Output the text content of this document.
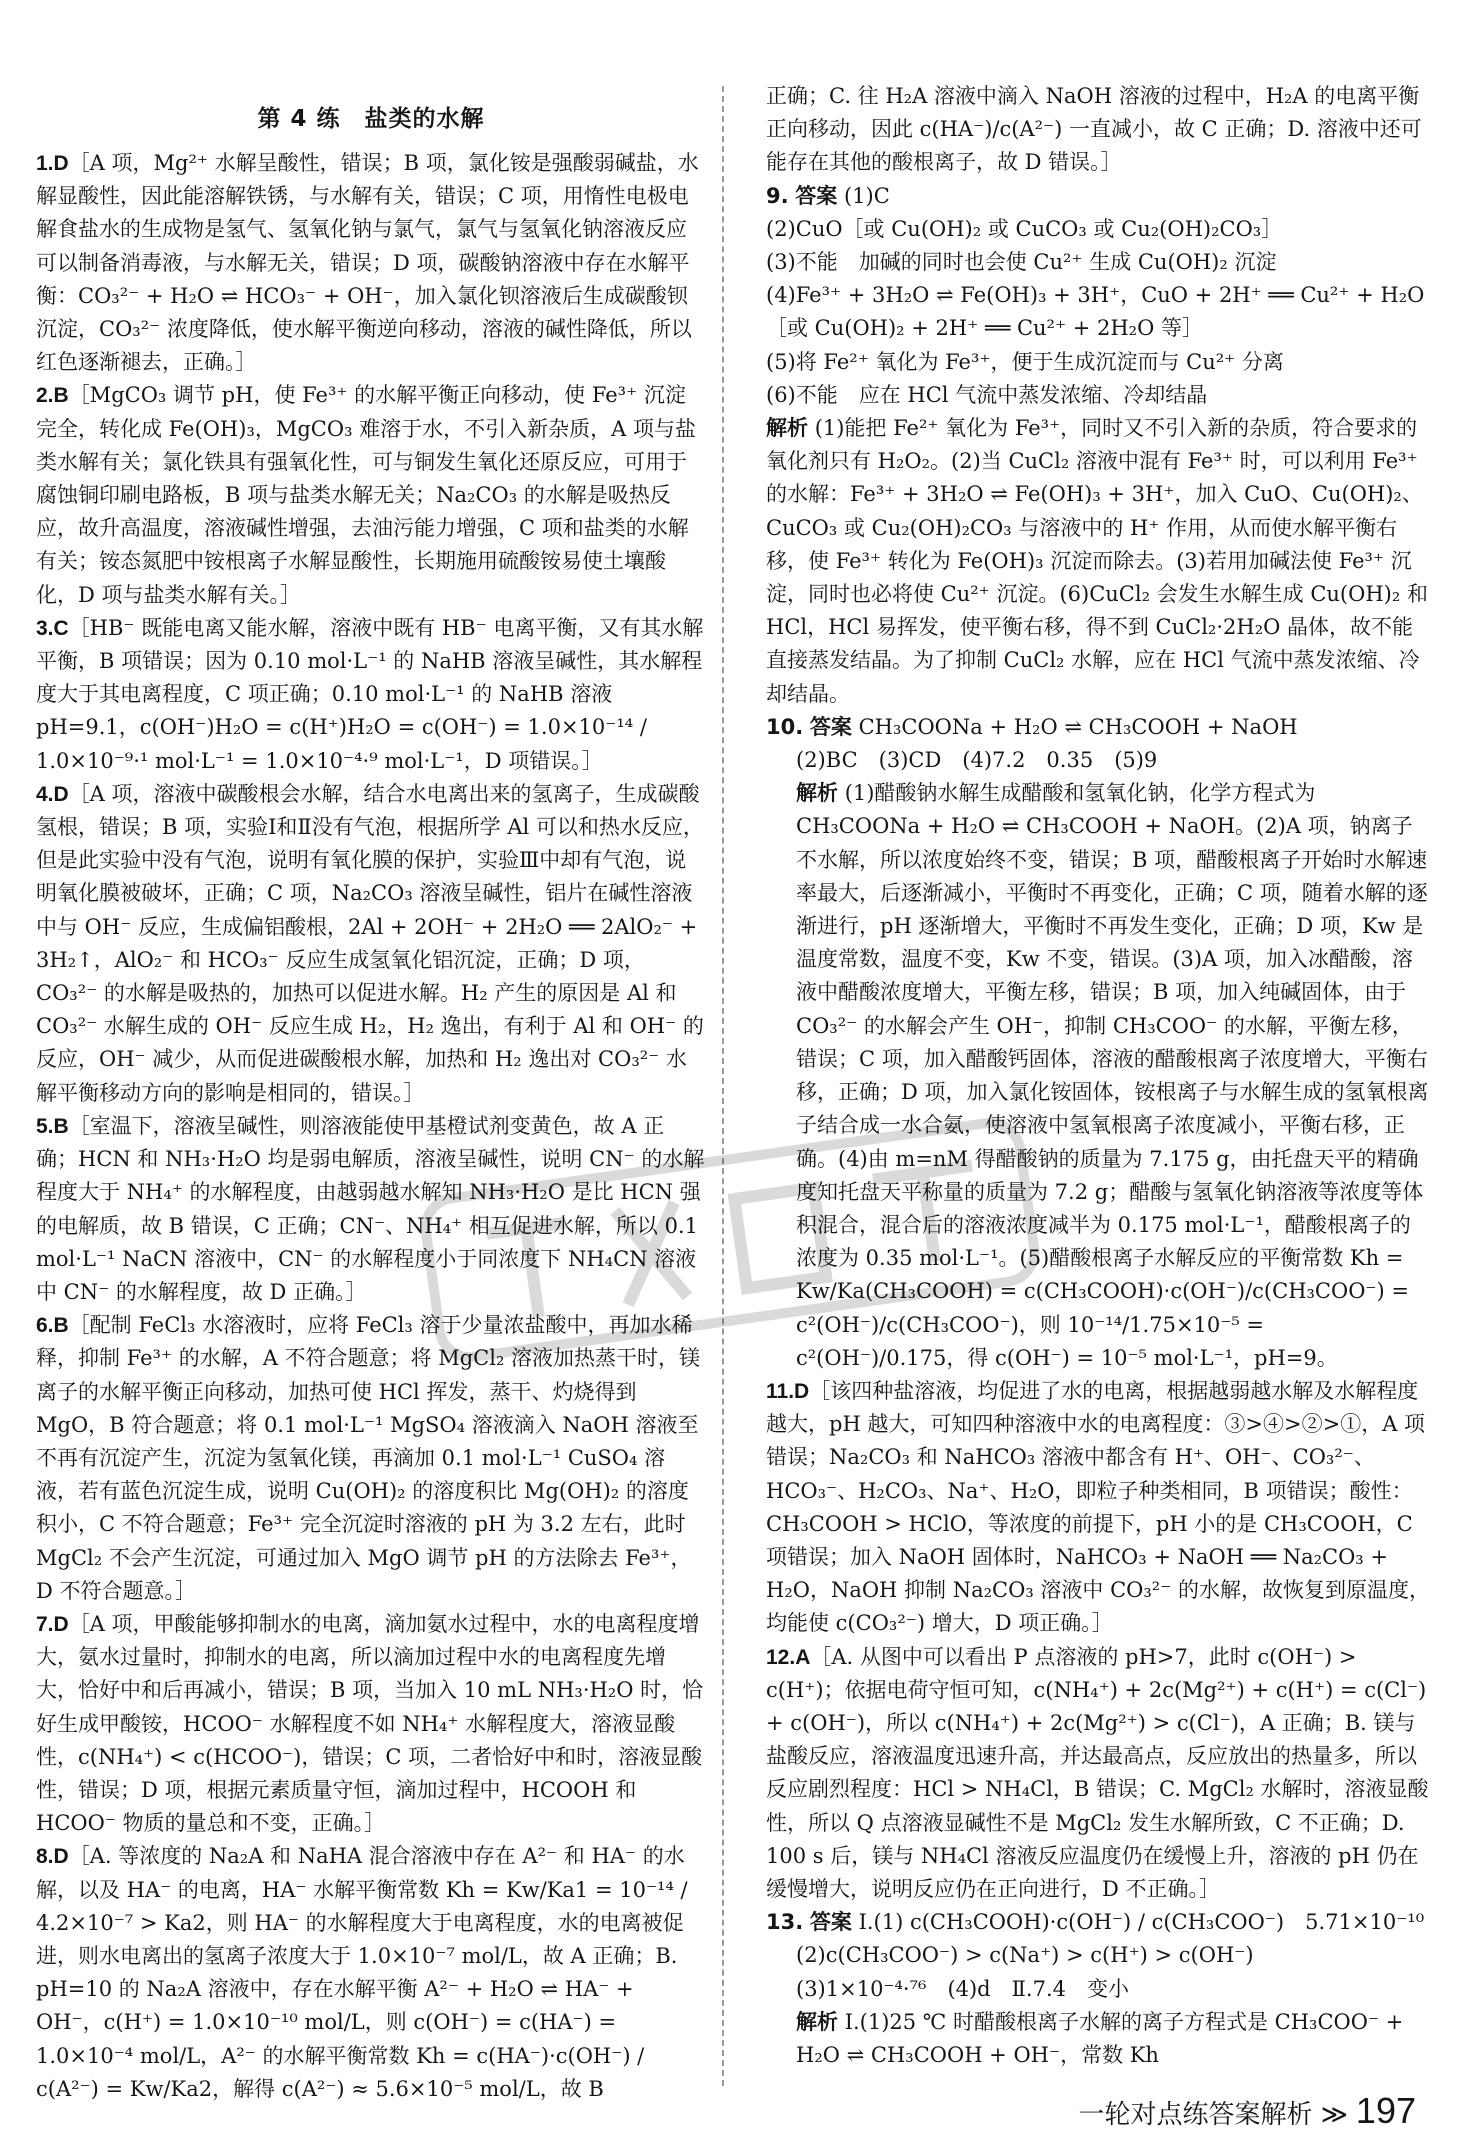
第 4 练　盐类的水解

1.D［A 项，Mg²⁺ 水解呈酸性，错误；B 项，氯化铵是强酸弱碱盐，水解显酸性，因此能溶解铁锈，与水解有关，错误；C 项，用惰性电极电解食盐水的生成物是氢气、氢氧化钠与氯气，氯气与氢氧化钠溶液反应可以制备消毒液，与水解无关，错误；D 项，碳酸钠溶液中存在水解平衡：CO₃²⁻ + H₂O ⇌ HCO₃⁻ + OH⁻，加入氯化钡溶液后生成碳酸钡沉淀，CO₃²⁻ 浓度降低，使水解平衡逆向移动，溶液的碱性降低，所以红色逐渐褪去，正确。］

2.B［MgCO₃ 调节 pH，使 Fe³⁺ 的水解平衡正向移动，使 Fe³⁺ 沉淀完全，转化成 Fe(OH)₃，MgCO₃ 难溶于水，不引入新杂质，A 项与盐类水解有关；氯化铁具有强氧化性，可与铜发生氧化还原反应，可用于腐蚀铜印刷电路板，B 项与盐类水解无关；Na₂CO₃ 的水解是吸热反应，故升高温度，溶液碱性增强，去油污能力增强，C 项和盐类的水解有关；铵态氮肥中铵根离子水解显酸性，长期施用硫酸铵易使土壤酸化，D 项与盐类水解有关。］

3.C［HB⁻ 既能电离又能水解，溶液中既有 HB⁻ 电离平衡，又有其水解平衡，B 项错误；因为 0.10 mol·L⁻¹ 的 NaHB 溶液呈碱性，其水解程度大于其电离程度，C 项正确；0.10 mol·L⁻¹ 的 NaHB 溶液 pH=9.1，c(OH⁻)H₂O = c(H⁺)H₂O = c(OH⁻) = 1.0×10⁻¹⁴ / 1.0×10⁻⁹·¹ mol·L⁻¹ = 1.0×10⁻⁴·⁹ mol·L⁻¹，D 项错误。］

4.D［A 项，溶液中碳酸根会水解，结合水电离出来的氢离子，生成碳酸氢根，错误；B 项，实验Ⅰ和Ⅱ没有气泡，根据所学 Al 可以和热水反应，但是此实验中没有气泡，说明有氧化膜的保护，实验Ⅲ中却有气泡，说明氧化膜被破坏，正确；C 项，Na₂CO₃ 溶液呈碱性，铝片在碱性溶液中与 OH⁻ 反应，生成偏铝酸根，2Al + 2OH⁻ + 2H₂O ══ 2AlO₂⁻ + 3H₂↑，AlO₂⁻ 和 HCO₃⁻ 反应生成氢氧化铝沉淀，正确；D 项，CO₃²⁻ 的水解是吸热的，加热可以促进水解。H₂ 产生的原因是 Al 和 CO₃²⁻ 水解生成的 OH⁻ 反应生成 H₂，H₂ 逸出，有利于 Al 和 OH⁻ 的反应，OH⁻ 减少，从而促进碳酸根水解，加热和 H₂ 逸出对 CO₃²⁻ 水解平衡移动方向的影响是相同的，错误。］

5.B［室温下，溶液呈碱性，则溶液能使甲基橙试剂变黄色，故 A 正确；HCN 和 NH₃·H₂O 均是弱电解质，溶液呈碱性，说明 CN⁻ 的水解程度大于 NH₄⁺ 的水解程度，由越弱越水解知 NH₃·H₂O 是比 HCN 强的电解质，故 B 错误，C 正确；CN⁻、NH₄⁺ 相互促进水解，所以 0.1 mol·L⁻¹ NaCN 溶液中，CN⁻ 的水解程度小于同浓度下 NH₄CN 溶液中 CN⁻ 的水解程度，故 D 正确。］

6.B［配制 FeCl₃ 水溶液时，应将 FeCl₃ 溶于少量浓盐酸中，再加水稀释，抑制 Fe³⁺ 的水解，A 不符合题意；将 MgCl₂ 溶液加热蒸干时，镁离子的水解平衡正向移动，加热可使 HCl 挥发，蒸干、灼烧得到 MgO，B 符合题意；将 0.1 mol·L⁻¹ MgSO₄ 溶液滴入 NaOH 溶液至不再有沉淀产生，沉淀为氢氧化镁，再滴加 0.1 mol·L⁻¹ CuSO₄ 溶液，若有蓝色沉淀生成，说明 Cu(OH)₂ 的溶度积比 Mg(OH)₂ 的溶度积小，C 不符合题意；Fe³⁺ 完全沉淀时溶液的 pH 为 3.2 左右，此时 MgCl₂ 不会产生沉淀，可通过加入 MgO 调节 pH 的方法除去 Fe³⁺，D 不符合题意。］

7.D［A 项，甲酸能够抑制水的电离，滴加氨水过程中，水的电离程度增大，氨水过量时，抑制水的电离，所以滴加过程中水的电离程度先增大，恰好中和后再减小，错误；B 项，当加入 10 mL NH₃·H₂O 时，恰好生成甲酸铵，HCOO⁻ 水解程度不如 NH₄⁺ 水解程度大，溶液显酸性，c(NH₄⁺) < c(HCOO⁻)，错误；C 项，二者恰好中和时，溶液显酸性，错误；D 项，根据元素质量守恒，滴加过程中，HCOOH 和 HCOO⁻ 物质的量总和不变，正确。］

8.D［A. 等浓度的 Na₂A 和 NaHA 混合溶液中存在 A²⁻ 和 HA⁻ 的水解，以及 HA⁻ 的电离，HA⁻ 水解平衡常数 Kh = Kw/Ka1 = 10⁻¹⁴ / 4.2×10⁻⁷ > Ka2，则 HA⁻ 的水解程度大于电离程度，水的电离被促进，则水电离出的氢离子浓度大于 1.0×10⁻⁷ mol/L，故 A 正确；B. pH=10 的 Na₂A 溶液中，存在水解平衡 A²⁻ + H₂O ⇌ HA⁻ + OH⁻，c(H⁺) = 1.0×10⁻¹⁰ mol/L，则 c(OH⁻) = c(HA⁻) = 1.0×10⁻⁴ mol/L，A²⁻ 的水解平衡常数 Kh = c(HA⁻)·c(OH⁻) / c(A²⁻) = Kw/Ka2，解得 c(A²⁻) ≈ 5.6×10⁻⁵ mol/L，故 B

正确；C. 往 H₂A 溶液中滴入 NaOH 溶液的过程中，H₂A 的电离平衡正向移动，因此 c(HA⁻)/c(A²⁻) 一直减小，故 C 正确；D. 溶液中还可能存在其他的酸根离子，故 D 错误。］

9. 答案 (1)C

(2)CuO［或 Cu(OH)₂ 或 CuCO₃ 或 Cu₂(OH)₂CO₃］

(3)不能　加碱的同时也会使 Cu²⁺ 生成 Cu(OH)₂ 沉淀

(4)Fe³⁺ + 3H₂O ⇌ Fe(OH)₃ + 3H⁺，CuO + 2H⁺ ══ Cu²⁺ + H₂O［或 Cu(OH)₂ + 2H⁺ ══ Cu²⁺ + 2H₂O 等］

(5)将 Fe²⁺ 氧化为 Fe³⁺，便于生成沉淀而与 Cu²⁺ 分离

(6)不能　应在 HCl 气流中蒸发浓缩、冷却结晶

解析 (1)能把 Fe²⁺ 氧化为 Fe³⁺，同时又不引入新的杂质，符合要求的氧化剂只有 H₂O₂。(2)当 CuCl₂ 溶液中混有 Fe³⁺ 时，可以利用 Fe³⁺ 的水解：Fe³⁺ + 3H₂O ⇌ Fe(OH)₃ + 3H⁺，加入 CuO、Cu(OH)₂、CuCO₃ 或 Cu₂(OH)₂CO₃ 与溶液中的 H⁺ 作用，从而使水解平衡右移，使 Fe³⁺ 转化为 Fe(OH)₃ 沉淀而除去。(3)若用加碱法使 Fe³⁺ 沉淀，同时也必将使 Cu²⁺ 沉淀。(6)CuCl₂ 会发生水解生成 Cu(OH)₂ 和 HCl，HCl 易挥发，使平衡右移，得不到 CuCl₂·2H₂O 晶体，故不能直接蒸发结晶。为了抑制 CuCl₂ 水解，应在 HCl 气流中蒸发浓缩、冷却结晶。

10. 答案 CH₃COONa + H₂O ⇌ CH₃COOH + NaOH

(2)BC　(3)CD　(4)7.2　0.35　(5)9

解析 (1)醋酸钠水解生成醋酸和氢氧化钠，化学方程式为 CH₃COONa + H₂O ⇌ CH₃COOH + NaOH。(2)A 项，钠离子不水解，所以浓度始终不变，错误；B 项，醋酸根离子开始时水解速率最大，后逐渐减小，平衡时不再变化，正确；C 项，随着水解的逐渐进行，pH 逐渐增大，平衡时不再发生变化，正确；D 项，Kw 是温度常数，温度不变，Kw 不变，错误。(3)A 项，加入冰醋酸，溶液中醋酸浓度增大，平衡左移，错误；B 项，加入纯碱固体，由于 CO₃²⁻ 的水解会产生 OH⁻，抑制 CH₃COO⁻ 的水解，平衡左移，错误；C 项，加入醋酸钙固体，溶液的醋酸根离子浓度增大，平衡右移，正确；D 项，加入氯化铵固体，铵根离子与水解生成的氢氧根离子结合成一水合氨，使溶液中氢氧根离子浓度减小，平衡右移，正确。(4)由 m=nM 得醋酸钠的质量为 7.175 g，由托盘天平的精确度知托盘天平称量的质量为 7.2 g；醋酸与氢氧化钠溶液等浓度等体积混合，混合后的溶液浓度减半为 0.175 mol·L⁻¹，醋酸根离子的浓度为 0.35 mol·L⁻¹。(5)醋酸根离子水解反应的平衡常数 Kh = Kw/Ka(CH₃COOH) = c(CH₃COOH)·c(OH⁻)/c(CH₃COO⁻) = c²(OH⁻)/c(CH₃COO⁻)，则 10⁻¹⁴/1.75×10⁻⁵ = c²(OH⁻)/0.175，得 c(OH⁻) = 10⁻⁵ mol·L⁻¹，pH=9。

11.D［该四种盐溶液，均促进了水的电离，根据越弱越水解及水解程度越大，pH 越大，可知四种溶液中水的电离程度：③>④>②>①，A 项错误；Na₂CO₃ 和 NaHCO₃ 溶液中都含有 H⁺、OH⁻、CO₃²⁻、HCO₃⁻、H₂CO₃、Na⁺、H₂O，即粒子种类相同，B 项错误；酸性：CH₃COOH > HClO，等浓度的前提下，pH 小的是 CH₃COOH，C 项错误；加入 NaOH 固体时，NaHCO₃ + NaOH ══ Na₂CO₃ + H₂O，NaOH 抑制 Na₂CO₃ 溶液中 CO₃²⁻ 的水解，故恢复到原温度，均能使 c(CO₃²⁻) 增大，D 项正确。］

12.A［A. 从图中可以看出 P 点溶液的 pH>7，此时 c(OH⁻) > c(H⁺)；依据电荷守恒可知，c(NH₄⁺) + 2c(Mg²⁺) + c(H⁺) = c(Cl⁻) + c(OH⁻)，所以 c(NH₄⁺) + 2c(Mg²⁺) > c(Cl⁻)，A 正确；B. 镁与盐酸反应，溶液温度迅速升高，并达最高点，反应放出的热量多，所以反应剧烈程度：HCl > NH₄Cl，B 错误；C. MgCl₂ 水解时，溶液显酸性，所以 Q 点溶液显碱性不是 MgCl₂ 发生水解所致，C 不正确；D. 100 s 后，镁与 NH₄Cl 溶液反应温度仍在缓慢上升，溶液的 pH 仍在缓慢增大，说明反应仍在正向进行，D 不正确。］

13. 答案 Ⅰ.(1) c(CH₃COOH)·c(OH⁻) / c(CH₃COO⁻)　5.71×10⁻¹⁰

(2)c(CH₃COO⁻) > c(Na⁺) > c(H⁺) > c(OH⁻)

(3)1×10⁻⁴·⁷⁶　(4)d　Ⅱ.7.4　变小

解析 Ⅰ.(1)25 ℃ 时醋酸根离子水解的离子方程式是 CH₃COO⁻ + H₂O ⇌ CH₃COOH + OH⁻，常数 Kh

一轮对点练答案解析 ≫ 197
